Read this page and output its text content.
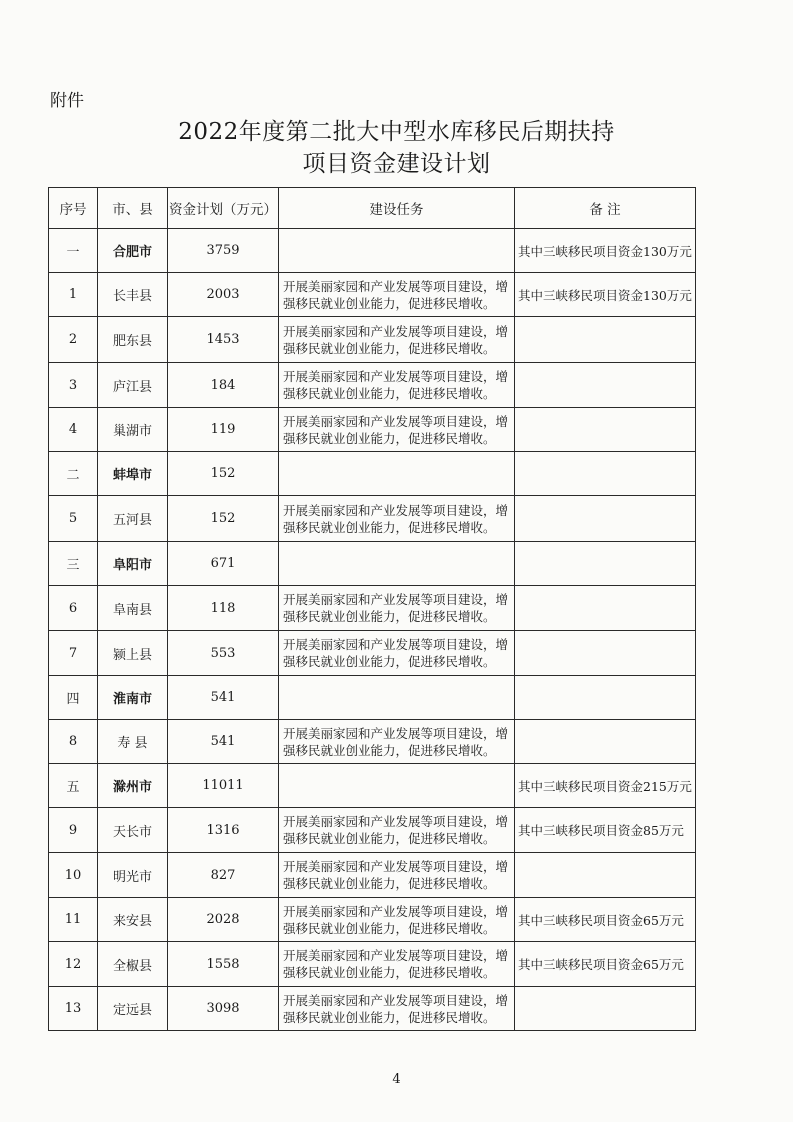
附件
2022年度第二批大中型水库移民后期扶持
项目资金建设计划
序号	市、县	资金计划（万元）	建设任务	备 注
一	合肥市	3759		其中三峡移民项目资金130万元
1	长丰县	2003	开展美丽家园和产业发展等项目建设，增强移民就业创业能力，促进移民增收。	其中三峡移民项目资金130万元
2	肥东县	1453	开展美丽家园和产业发展等项目建设，增强移民就业创业能力，促进移民增收。	
3	庐江县	184	开展美丽家园和产业发展等项目建设，增强移民就业创业能力，促进移民增收。	
4	巢湖市	119	开展美丽家园和产业发展等项目建设，增强移民就业创业能力，促进移民增收。	
二	蚌埠市	152		
5	五河县	152	开展美丽家园和产业发展等项目建设，增强移民就业创业能力，促进移民增收。	
三	阜阳市	671		
6	阜南县	118	开展美丽家园和产业发展等项目建设，增强移民就业创业能力，促进移民增收。	
7	颍上县	553	开展美丽家园和产业发展等项目建设，增强移民就业创业能力，促进移民增收。	
四	淮南市	541		
8	寿 县	541	开展美丽家园和产业发展等项目建设，增强移民就业创业能力，促进移民增收。	
五	滁州市	11011		其中三峡移民项目资金215万元
9	天长市	1316	开展美丽家园和产业发展等项目建设，增强移民就业创业能力，促进移民增收。	其中三峡移民项目资金85万元
10	明光市	827	开展美丽家园和产业发展等项目建设，增强移民就业创业能力，促进移民增收。	
11	来安县	2028	开展美丽家园和产业发展等项目建设，增强移民就业创业能力，促进移民增收。	其中三峡移民项目资金65万元
12	全椒县	1558	开展美丽家园和产业发展等项目建设，增强移民就业创业能力，促进移民增收。	其中三峡移民项目资金65万元
13	定远县	3098	开展美丽家园和产业发展等项目建设，增强移民就业创业能力，促进移民增收。	
4
